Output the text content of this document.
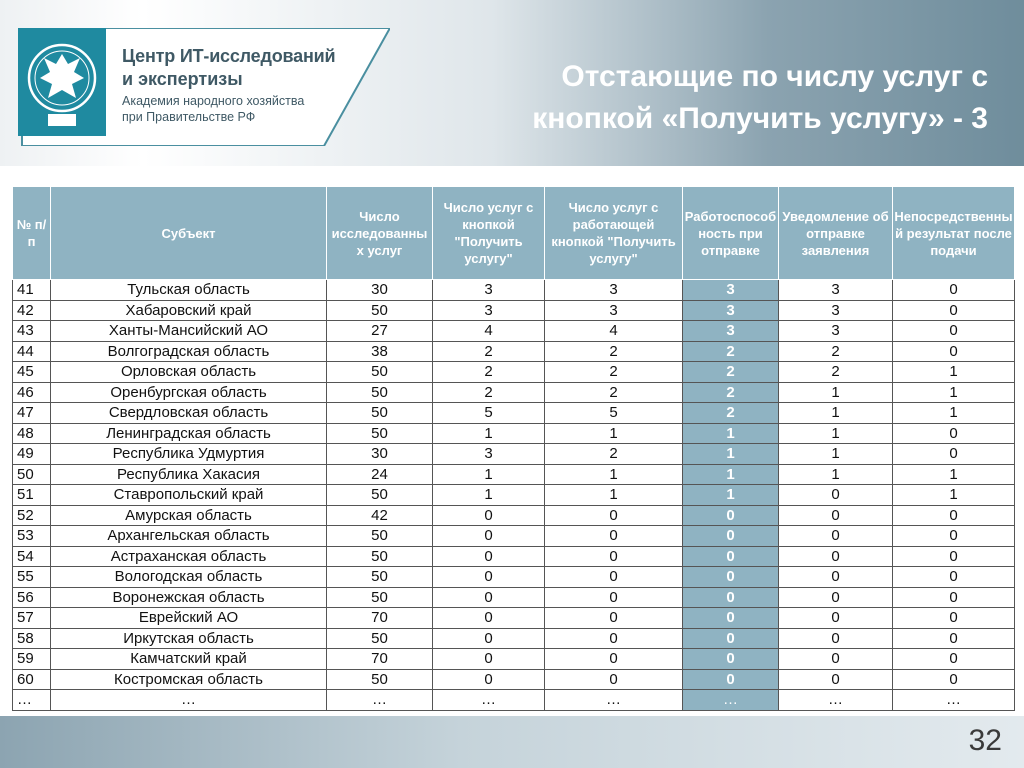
Центр ИТ-исследований
и экспертизы
Академия народного хозяйства
при Правительстве РФ
Отстающие по числу услуг с
кнопкой «Получить услугу» - 3
№ п/п	Субъект	Число исследованных услуг	Число услуг с кнопкой "Получить услугу"	Число услуг с работающей кнопкой "Получить услугу"	Работоспособность при отправке	Уведомление об отправке заявления	Непосредственный результат после подачи
41	Тульская область	30	3	3	3	3	0
42	Хабаровский край	50	3	3	3	3	0
43	Ханты-Мансийский АО	27	4	4	3	3	0
44	Волгоградская область	38	2	2	2	2	0
45	Орловская область	50	2	2	2	2	1
46	Оренбургская область	50	2	2	2	1	1
47	Свердловская область	50	5	5	2	1	1
48	Ленинградская область	50	1	1	1	1	0
49	Республика Удмуртия	30	3	2	1	1	0
50	Республика Хакасия	24	1	1	1	1	1
51	Ставропольский край	50	1	1	1	0	1
52	Амурская область	42	0	0	0	0	0
53	Архангельская область	50	0	0	0	0	0
54	Астраханская область	50	0	0	0	0	0
55	Вологодская область	50	0	0	0	0	0
56	Воронежская область	50	0	0	0	0	0
57	Еврейский АО	70	0	0	0	0	0
58	Иркутская область	50	0	0	0	0	0
59	Камчатский край	70	0	0	0	0	0
60	Костромская область	50	0	0	0	0	0
…	…	…	…	…	…	…	…
32
